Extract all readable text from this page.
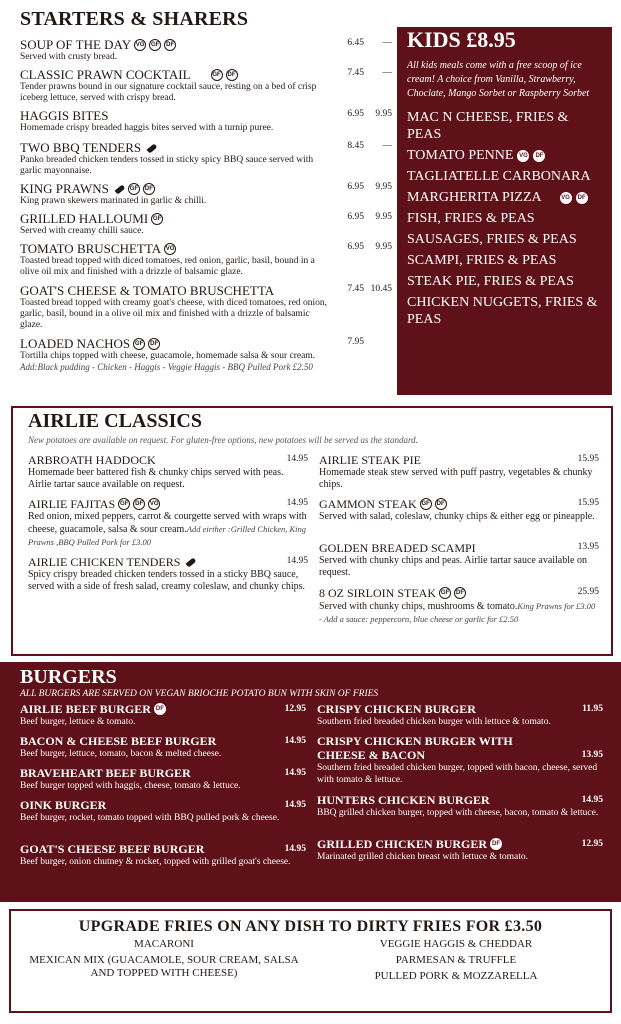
STARTERS & SHARERS
SOUP OF THE DAY VG	GF	DF
Served with crusty bread.
6.45	—
CLASSIC PRAWN COCKTAIL	GF	DF
Tender prawns bound in our signature cocktail sauce, resting on a bed of crisp iceberg lettuce, served with crispy bread.
7.45	—
HAGGIS BITES
Homemade crispy breaded haggis bites served with a turnip puree.
6.95	9.95
TWO BBQ TENDERS
Panko breaded chicken tenders tossed in sticky spicy BBQ sauce served with garlic mayonnaise.
8.45	—
KING PRAWNS	GF	DF
King prawn skewers marinated in garlic & chilli.
6.95	9.95
GRILLED HALLOUMI GF
Served with creamy chilli sauce.
6.95	9.95
TOMATO BRUSCHETTA VG
Toasted bread topped with diced tomatoes, red onion, garlic, basil, bound in a olive oil mix and finished with a drizzle of balsamic glaze.
6.95	9.95
GOAT'S CHEESE & TOMATO BRUSCHETTA
Toasted bread topped with creamy goat's cheese, with diced tomatoes, red onion, garlic, basil, bound in a olive oil mix and finished with a drizzle of balsamic glaze.
7.45 10.45
LOADED NACHOS GF	DF
Tortilla chips topped with cheese, guacamole, homemade salsa & sour cream.
Add:Black pudding - Chicken - Haggis - Veggie Haggis - BBQ Pulled Pork £2.50
7.95
KIDS £8.95

All kids meals come with a free scoop of ice cream! A choice from Vanilla, Strawberry, Choclate, Mango Sorbet or Raspberry Sorbet

MAC N CHEESE, FRIES & PEAS
TOMATO PENNE VG	DF
TAGLIATELLE CARBONARA
MARGHERITA PIZZA	VG	DF
FISH, FRIES & PEAS
SAUSAGES, FRIES & PEAS
SCAMPI, FRIES & PEAS
STEAK PIE, FRIES & PEAS
CHICKEN NUGGETS, FRIES & PEAS
AIRLIE CLASSICS

New potatoes are available on request. For gluten-free options, new potatoes will be served as the standard.

ARBROATH HADDOCK	14.95
Homemade beer battered fish & chunky chips served with peas. Airlie tartar sauce available on request.
AIRLIE FAJITAS GF	DF	VG	14.95
Red onion, mixed peppers, carrot & courgette served with wraps with cheese, guacamole, salsa & sour cream.Add eirther :Grilled Chicken, King Prawns ,BBQ Pulled Pork for £3.00
AIRLIE CHICKEN TENDERS	14.95
Spicy crispy breaded chicken tenders tossed in a sticky BBQ sauce, served with a side of fresh salad, creamy coleslaw, and chunky chips.
AIRLIE STEAK PIE	15.95
Homemade steak stew served with puff pastry, vegetables & chunky chips.
GAMMON STEAK GF	DF	15.95
Served with salad, coleslaw, chunky chips & either egg or pineapple.
GOLDEN BREADED SCAMPI	13.95
Served with chunky chips and peas. Airlie tartar sauce available on request.
8 OZ SIRLOIN STEAK GF	DF	25.95
Served with chunky chips, mushrooms & tomato.King Prawns for £3.00 - Add a sauce: peppercorn, blue cheese or garlic for £2.50
BURGERS

ALL BURGERS ARE SERVED ON VEGAN BRIOCHE POTATO BUN WITH SKIN OF FRIES

AIRLIE BEEF BURGER DF	12.95
Beef burger, lettuce & tomato.
BACON & CHEESE BEEF BURGER	14.95
Beef burger, lettuce, tomato, bacon & melted cheese.
BRAVEHEART BEEF BURGER	14.95
Beef burger topped with haggis, cheese, tomato & lettuce.
OINK BURGER	14.95
Beef burger, rocket, tomato topped with BBQ pulled pork & cheese.
GOAT'S CHEESE BEEF BURGER	14.95
Beef burger, onion chutney & rocket, topped with grilled goat's cheese.
CRISPY CHICKEN BURGER	11.95
Southern fried breaded chicken burger with lettuce & tomato.
CRISPY CHICKEN BURGER WITH CHEESE & BACON	13.95
Southern fried breaded chicken burger, topped with bacon, cheese, served with tomato & lettuce.
HUNTERS CHICKEN BURGER	14.95
BBQ grilled chicken burger, topped with cheese, bacon, tomato & lettuce.
GRILLED CHICKEN BURGER DF	12.95
Marinated grilled chicken breast with lettuce & tomato.
UPGRADE FRIES ON ANY DISH TO DIRTY FRIES FOR £3.50
MACARONI
MEXICAN MIX (GUACAMOLE, SOUR CREAM, SALSA AND TOPPED WITH CHEESE)
VEGGIE HAGGIS & CHEDDAR
PARMESAN & TRUFFLE
PULLED PORK & MOZZARELLA
